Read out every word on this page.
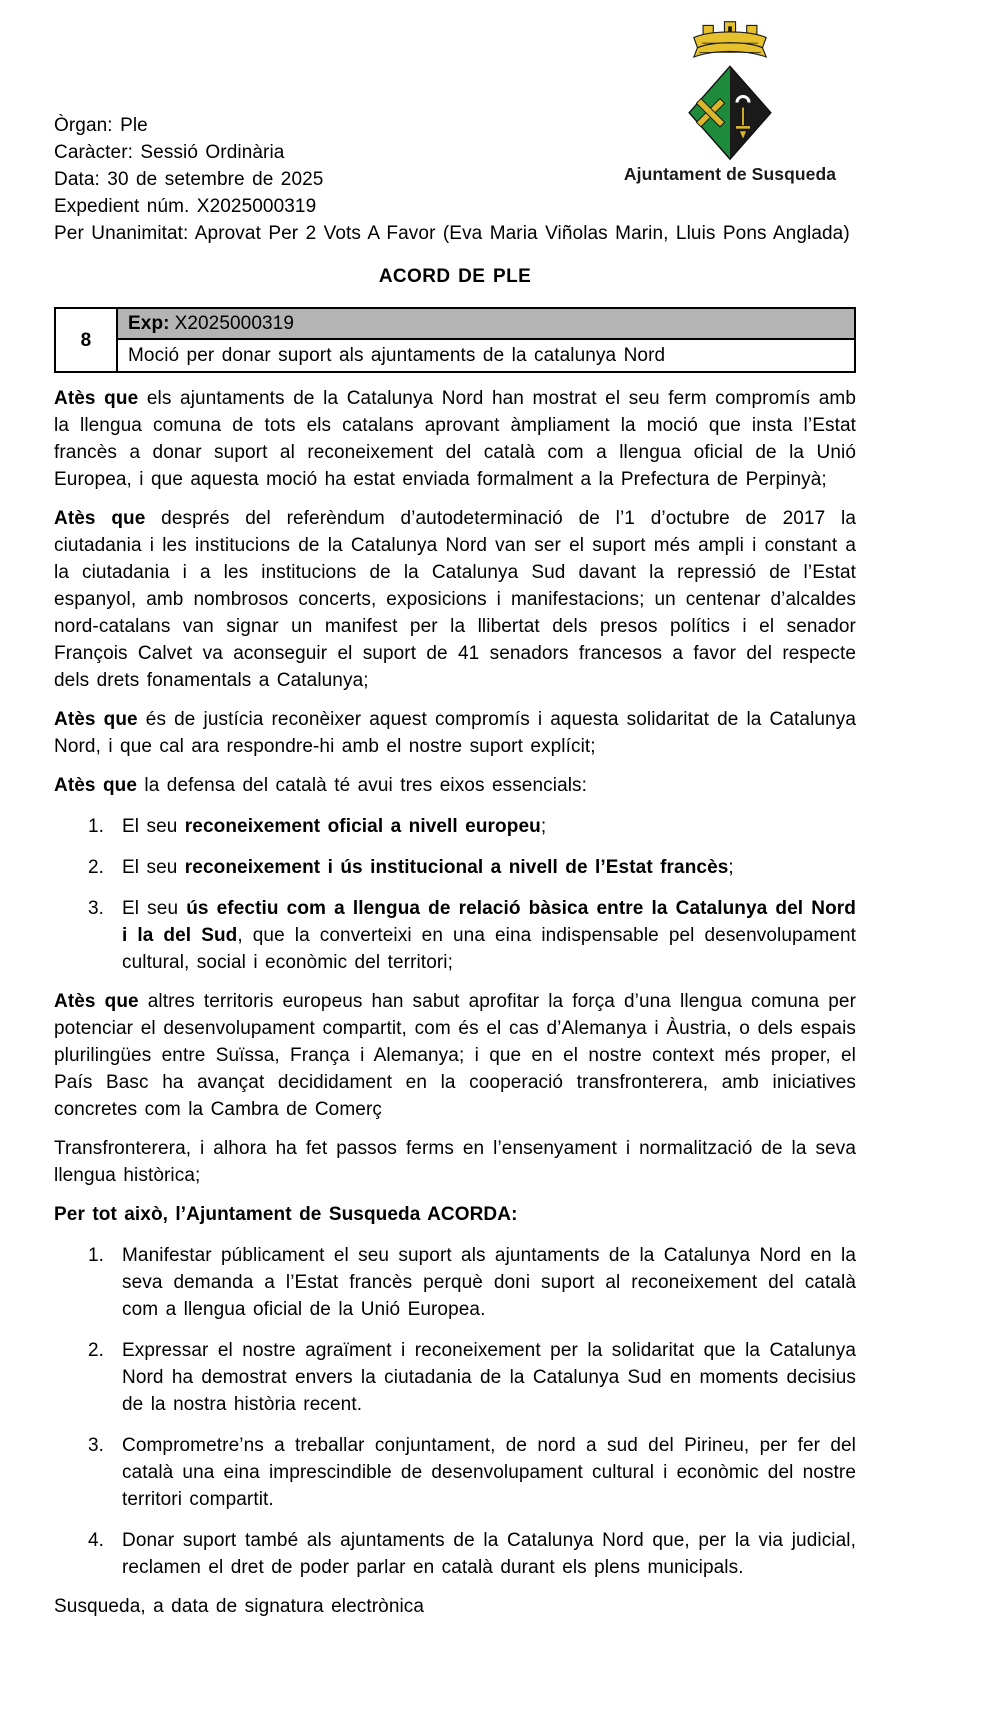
Ajuntament de Susqueda
Òrgan: Ple
Caràcter: Sessió Ordinària
Data: 30 de setembre de 2025
Expedient núm. X2025000319

Per Unanimitat: Aprovat Per 2 Vots A Favor (Eva Maria Viñolas Marin, Lluis Pons Anglada)

ACORD DE PLE
8
Exp: X2025000319
Moció per donar suport als ajuntaments de la catalunya Nord

Atès que els ajuntaments de la Catalunya Nord han mostrat el seu ferm compromís amb la llengua comuna de tots els catalans aprovant àmpliament la moció que insta l’Estat francès a donar suport al reconeixement del català com a llengua oficial de la Unió Europea, i que aquesta moció ha estat enviada formalment a la Prefectura de Perpinyà;

Atès que després del referèndum d’autodeterminació de l’1 d’octubre de 2017 la ciutadania i les institucions de la Catalunya Nord van ser el suport més ampli i constant a la ciutadania i a les institucions de la Catalunya Sud davant la repressió de l’Estat espanyol, amb nombrosos concerts, exposicions i manifestacions; un centenar d’alcaldes nord-catalans van signar un manifest per la llibertat dels presos polítics i el senador François Calvet va aconseguir el suport de 41 senadors francesos a favor del respecte dels drets fonamentals a Catalunya;

Atès que és de justícia reconèixer aquest compromís i aquesta solidaritat de la Catalunya Nord, i que cal ara respondre-hi amb el nostre suport explícit;

Atès que la defensa del català té avui tres eixos essencials:

1. El seu reconeixement oficial a nivell europeu;
2. El seu reconeixement i ús institucional a nivell de l’Estat francès;
3. El seu ús efectiu com a llengua de relació bàsica entre la Catalunya del Nord i la del Sud, que la converteixi en una eina indispensable pel desenvolupament cultural, social i econòmic del territori;

Atès que altres territoris europeus han sabut aprofitar la força d’una llengua comuna per potenciar el desenvolupament compartit, com és el cas d’Alemanya i Àustria, o dels espais plurilingües entre Suïssa, França i Alemanya; i que en el nostre context més proper, el País Basc ha avançat decididament en la cooperació transfronterera, amb iniciatives concretes com la Cambra de Comerç

Transfronterera, i alhora ha fet passos ferms en l’ensenyament i normalització de la seva llengua històrica;

Per tot això, l’Ajuntament de Susqueda ACORDA:

1. Manifestar públicament el seu suport als ajuntaments de la Catalunya Nord en la seva demanda a l’Estat francès perquè doni suport al reconeixement del català com a llengua oficial de la Unió Europea.
2. Expressar el nostre agraïment i reconeixement per la solidaritat que la Catalunya Nord ha demostrat envers la ciutadania de la Catalunya Sud en moments decisius de la nostra història recent.
3. Comprometre’ns a treballar conjuntament, de nord a sud del Pirineu, per fer del català una eina imprescindible de desenvolupament cultural i econòmic del nostre territori compartit.
4. Donar suport també als ajuntaments de la Catalunya Nord que, per la via judicial, reclamen el dret de poder parlar en català durant els plens municipals.

Susqueda, a data de signatura electrònica
